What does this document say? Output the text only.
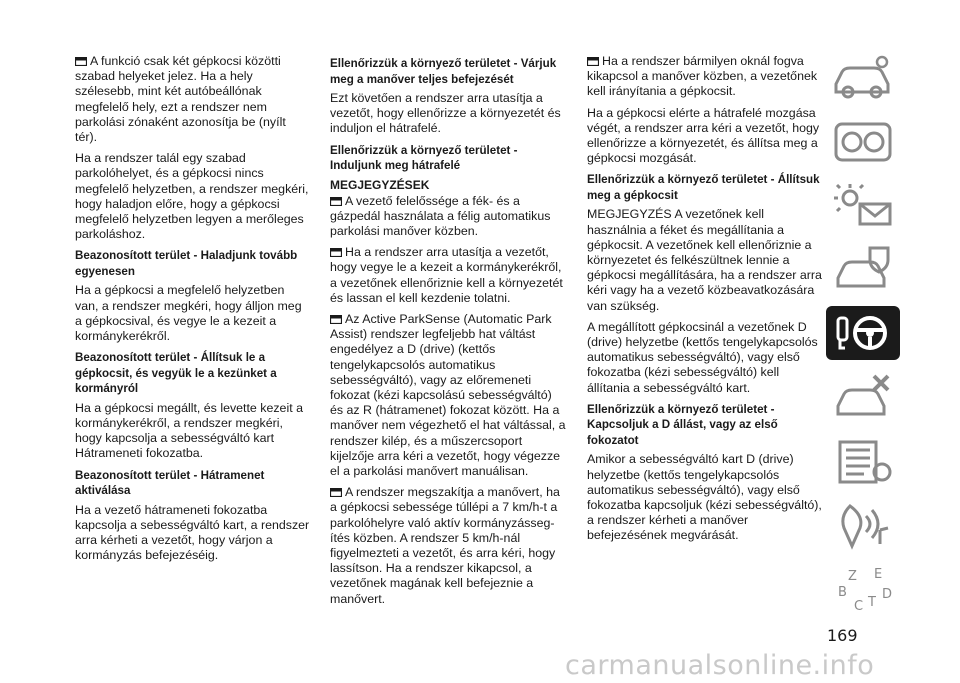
A funkció csak két gépkocsi közötti szabad helyeket jelez. Ha a hely szélesebb, mint két autóbeállónak megfelelő hely, ezt a rendszer nem parkolási zónaként azonosítja be (nyílt tér).
Ha a rendszer talál egy szabad parkolóhelyet, és a gépkocsi nincs megfelelő helyzetben, a rendszer megkéri, hogy haladjon előre, hogy a gépkocsi megfelelő helyzetben legyen a merőleges parkoláshoz.
Beazonosított terület - Haladjunk tovább egyenesen
Ha a gépkocsi a megfelelő helyzetben van, a rendszer megkéri, hogy álljon meg a gépkocsival, és vegye le a kezeit a kormánykerékről.
Beazonosított terület - Állítsuk le a gépkocsit, és vegyük le a kezünket a kormányról
Ha a gépkocsi megállt, és levette kezeit a kormánykerékről, a rendszer megkéri, hogy kapcsolja a sebességváltó kart Hátrameneti fokozatba.
Beazonosított terület - Hátramenet aktiválása
Ha a vezető hátrameneti fokozatba kapcsolja a sebességváltó kart, a rendszer arra kérheti a vezetőt, hogy várjon a kormányzás befejezéséig.
Ellenőrizzük a környező területet - Várjuk meg a manőver teljes befejezését
Ezt követően a rendszer arra utasítja a vezetőt, hogy ellenőrizze a környezetét és induljon el hátrafelé.
Ellenőrizzük a környező területet - Induljunk meg hátrafelé
MEGJEGYZÉSEK
A vezető felelőssége a fék- és a gázpedál használata a félig automatikus parkolási manőver közben.
Ha a rendszer arra utasítja a vezetőt, hogy vegye le a kezeit a kormánykerékről, a vezetőnek ellenőriznie kell a környezetét és lassan el kell kezdenie tolatni.
Az Active ParkSense (Automatic Park Assist) rendszer legfeljebb hat váltást engedélyez a D (drive) (kettős tengelykapcsolós automatikus sebességváltó), vagy az előremeneti fokozat (kézi kapcsolású sebességváltó) és az R (hátramenet) fokozat között. Ha a manőver nem végezhető el hat váltással, a rendszer kilép, és a műszercsoport kijelzője arra kéri a vezetőt, hogy végezze el a parkolási manővert manuálisan.
A rendszer megszakítja a manővert, ha a gépkocsi sebessége túllépi a 7 km/h-t a parkolóhelyre való aktív kormányzássegítés közben. A rendszer 5 km/h-nál figyelmezteti a vezetőt, és arra kéri, hogy lassítson. Ha a rendszer kikapcsol, a vezetőnek magának kell befejeznie a manővert.
Ha a rendszer bármilyen oknál fogva kikapcsol a manőver közben, a vezetőnek kell irányítania a gépkocsit.
Ha a gépkocsi elérte a hátrafelé mozgása végét, a rendszer arra kéri a vezetőt, hogy ellenőrizze a környezetét, és állítsa meg a gépkocsi mozgását.
Ellenőrizzük a környező területet - Állítsuk meg a gépkocsit
MEGJEGYZÉS A vezetőnek kell használnia a féket és megállítania a gépkocsit. A vezetőnek kell ellenőriznie a környezetet és felkészültnek lennie a gépkocsi megállítására, ha a rendszer arra kéri vagy ha a vezető közbeavatkozására van szükség.
A megállított gépkocsinál a vezetőnek D (drive) helyzetbe (kettős tengelykapcsolós automatikus sebességváltó), vagy első fokozatba (kézi sebességváltó) kell állítania a sebességváltó kart.
Ellenőrizzük a környező területet - Kapcsoljuk a D állást, vagy az első fokozatot
Amikor a sebességváltó kart D (drive) helyzetbe (kettős tengelykapcsolós automatikus sebességváltó), vagy első fokozatba kapcsoljuk (kézi sebességváltó), a rendszer kérheti a manőver befejezésének megvárását.
Z E
B
C T
D
169
carmanualsonline.info
